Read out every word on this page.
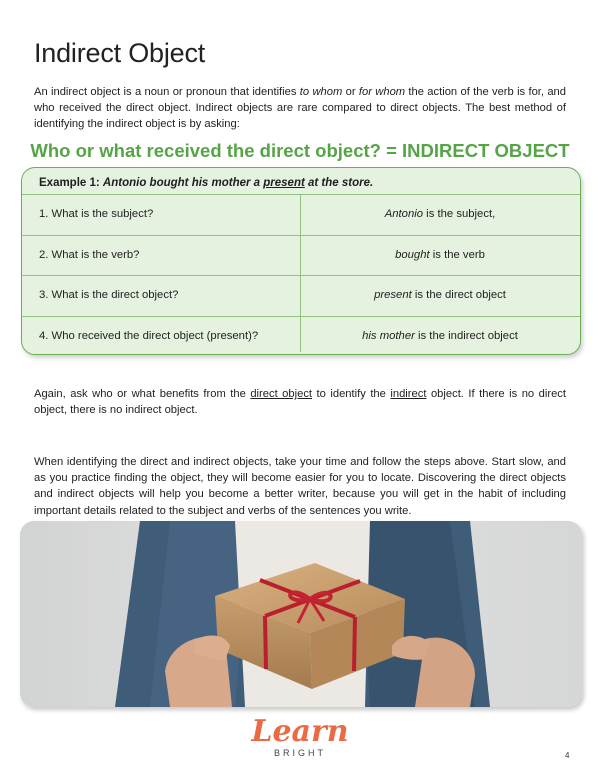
Indirect Object

An indirect object is a noun or pronoun that identifies to whom or for whom the action of the verb is for, and who received the direct object. Indirect objects are rare compared to direct objects. The best method of identifying the indirect object is by asking:

Who or what received the direct object? = INDIRECT OBJECT
Example 1: Antonio bought his mother a present at the store.
1. What is the subject?	Antonio is the subject,
2. What is the verb?	bought is the verb
3. What is the direct object?	present is the direct object
4. Who received the direct object (present)?	his mother is the indirect object

Again, ask who or what benefits from the direct object to identify the indirect object. If there is no direct object, there is no indirect object.

When identifying the direct and indirect objects, take your time and follow the steps above. Start slow, and as you practice finding the object, they will become easier for you to locate. Discovering the direct objects and indirect objects will help you become a better writer, because you will get in the habit of including important details related to the subject and verbs of the sentences you write.

Learn
BRIGHT	4
